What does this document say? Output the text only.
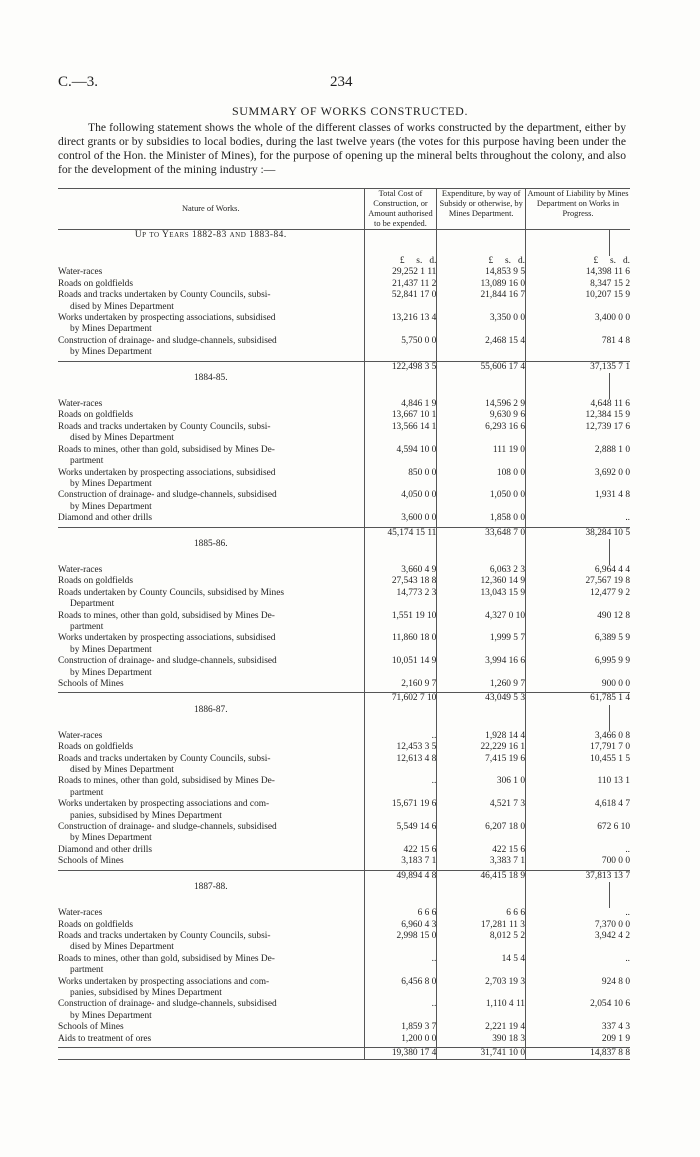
C.—3.	234
SUMMARY OF WORKS CONSTRUCTED.
The following statement shows the whole of the different classes of works constructed by the department, either by direct grants or by subsidies to local bodies, during the last twelve years (the votes for this purpose having been under the control of the Hon. the Minister of Mines), for the purpose of opening up the mineral belts throughout the colony, and also for the development of the mining industry :—
Nature of Works.	Total Cost of Construction, or Amount authorised to be expended.	Expenditure, by way of Subsidy or otherwise, by Mines Department.	Amount of Liability by Mines Department on Works in Progress.	
Up to Years 1882-83 and 1883-84.				
	£     s.   d.	£     s.   d.	£     s.   d.	

Water-races	29,252 1 11	14,853 9 5	14,398 11 6	

Roads on goldfields	21,437 11 2	13,089 16 0	8,347 15 2	

Roads and tracks undertaken by County Councils, subsi-
dised by Mines Department	52,841 17 0	21,844 16 7	10,207 15 9	

Works undertaken by prospecting associations, subsidised
by Mines Department	13,216 13 4	3,350 0 0	3,400 0 0	

Construction of drainage- and sludge-channels, subsidised
by Mines Department	5,750 0 0	2,468 15 4	781 4 8	

	122,498 3 5	55,606 17 4	37,135 7 1	
1884-85.				

Water-races	4,846 1 9	14,596 2 9	4,648 11 6	

Roads on goldfields	13,667 10 1	9,630 9 6	12,384 15 9	

Roads and tracks undertaken by County Councils, subsi-
dised by Mines Department	13,566 14 1	6,293 16 6	12,739 17 6	

Roads to mines, other than gold, subsidised by Mines De-
partment	4,594 10 0	111 19 0	2,888 1 0	

Works undertaken by prospecting associations, subsidised
by Mines Department	850 0 0	108 0 0	3,692 0 0	

Construction of drainage- and sludge-channels, subsidised
by Mines Department	4,050 0 0	1,050 0 0	1,931 4 8	

Diamond and other drills	3,600 0 0	1,858 0 0	..	

	45,174 15 11	33,648 7 0	38,284 10 5	
1885-86.				

Water-races	3,660 4 9	6,063 2 3	6,964 4 4	

Roads on goldfields	27,543 18 8	12,360 14 9	27,567 19 8	

Roads undertaken by County Councils, subsidised by Mines
Department	14,773 2 3	13,043 15 9	12,477 9 2	

Roads to mines, other than gold, subsidised by Mines De-
partment	1,551 19 10	4,327 0 10	490 12 8	

Works undertaken by prospecting associations, subsidised
by Mines Department	11,860 18 0	1,999 5 7	6,389 5 9	

Construction of drainage- and sludge-channels, subsidised
by Mines Department	10,051 14 9	3,994 16 6	6,995 9 9	

Schools of Mines	2,160 9 7	1,260 9 7	900 0 0	

	71,602 7 10	43,049 5 3	61,785 1 4	
1886-87.				

Water-races	..	1,928 14 4	3,466 0 8	

Roads on goldfields	12,453 3 5	22,229 16 1	17,791 7 0	

Roads and tracks undertaken by County Councils, subsi-
dised by Mines Department	12,613 4 8	7,415 19 6	10,455 1 5	

Roads to mines, other than gold, subsidised by Mines De-
partment	..	306 1 0	110 13 1	

Works undertaken by prospecting associations and com-
panies, subsidised by Mines Department	15,671 19 6	4,521 7 3	4,618 4 7	

Construction of drainage- and sludge-channels, subsidised
by Mines Department	5,549 14 6	6,207 18 0	672 6 10	

Diamond and other drills	422 15 6	422 15 6	..	

Schools of Mines	3,183 7 1	3,383 7 1	700 0 0	

	49,894 4 8	46,415 18 9	37,813 13 7	
1887-88.				

Water-races	6 6 6	6 6 6	..	

Roads on goldfields	6,960 4 3	17,281 11 3	7,370 0 0	

Roads and tracks undertaken by County Councils, subsi-
dised by Mines Department	2,998 15 0	8,012 5 2	3,942 4 2	

Roads to mines, other than gold, subsidised by Mines De-
partment	..	14 5 4	..	

Works undertaken by prospecting associations and com-
panies, subsidised by Mines Department	6,456 8 0	2,703 19 3	924 8 0	

Construction of drainage- and sludge-channels, subsidised
by Mines Department	..	1,110 4 11	2,054 10 6	

Schools of Mines	1,859 3 7	2,221 19 4	337 4 3	

Aids to treatment of ores	1,200 0 0	390 18 3	209 1 9	

	19,380 17 4	31,741 10 0	14,837 8 8	
